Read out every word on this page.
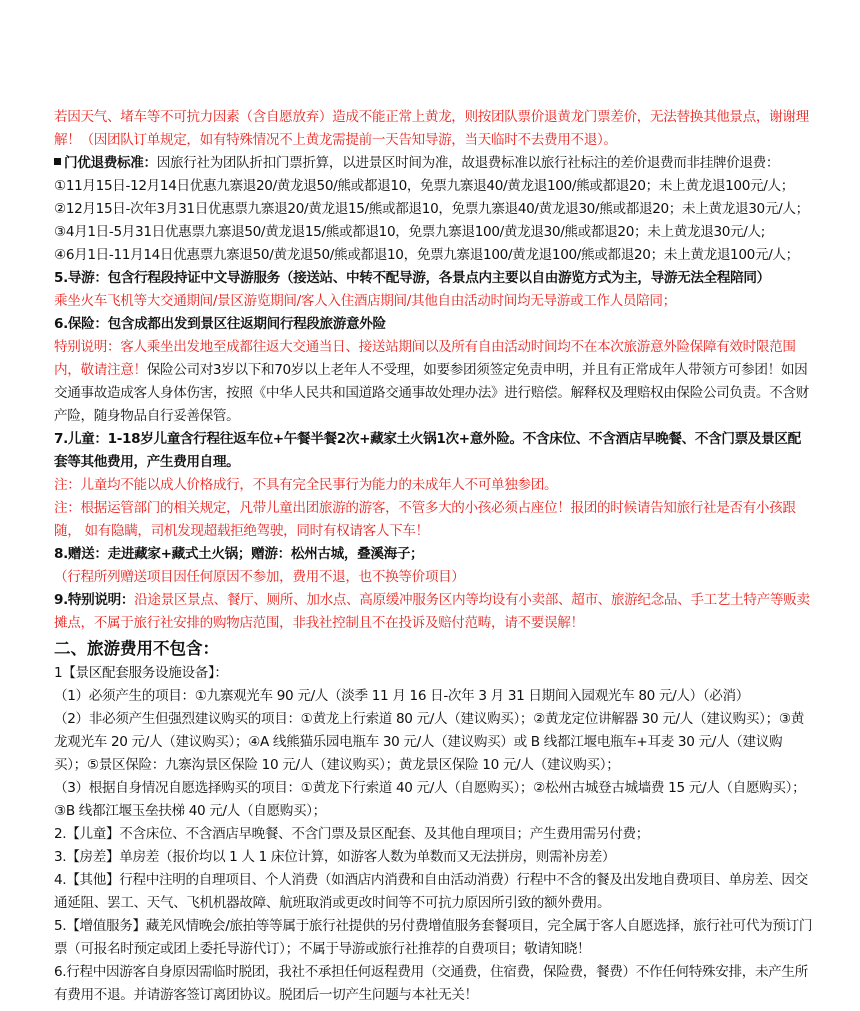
若因天气、堵车等不可抗力因素（含自愿放弃）造成不能正常上黄龙，则按团队票价退黄龙门票差价，无法替换其他景点，谢谢理解！（因团队订单规定，如有特殊情况不上黄龙需提前一天告知导游，当天临时不去费用不退）。

门优退费标准：因旅行社为团队折扣门票折算，以进景区时间为准，故退费标准以旅行社标注的差价退费而非挂牌价退费：

①11月15日-12月14日优惠九寨退20/黄龙退50/熊或都退10，免票九寨退40/黄龙退100/熊或都退20；未上黄龙退100元/人；

②12月15日-次年3月31日优惠票九寨退20/黄龙退15/熊或都退10，免票九寨退40/黄龙退30/熊或都退20；未上黄龙退30元/人；

③4月1日-5月31日优惠票九寨退50/黄龙退15/熊或都退10，免票九寨退100/黄龙退30/熊或都退20；未上黄龙退30元/人;

④6月1日-11月14日优惠票九寨退50/黄龙退50/熊或都退10，免票九寨退100/黄龙退100/熊或都退20；未上黄龙退100元/人；

5.导游：包含行程段持证中文导游服务（接送站、中转不配导游，各景点内主要以自由游览方式为主，导游无法全程陪同）

乘坐火车飞机等大交通期间/景区游览期间/客人入住酒店期间/其他自由活动时间均无导游或工作人员陪同；

6.保险：包含成都出发到景区往返期间行程段旅游意外险

特别说明：客人乘坐出发地至成都往返大交通当日、接送站期间以及所有自由活动时间均不在本次旅游意外险保障有效时限范围内，敬请注意！保险公司对3岁以下和70岁以上老年人不受理，如要参团须签定免责申明，并且有正常成年人带领方可参团！如因交通事故造成客人身体伤害，按照《中华人民共和国道路交通事故处理办法》进行赔偿。解释权及理赔权由保险公司负责。不含财产险，随身物品自行妥善保管。

7.儿童：1-18岁儿童含行程往返车位+午餐半餐2次+藏家土火锅1次+意外险。不含床位、不含酒店早晚餐、不含门票及景区配套等其他费用，产生费用自理。

注：儿童均不能以成人价格成行，不具有完全民事行为能力的未成年人不可单独参团。

注：根据运管部门的相关规定，凡带儿童出团旅游的游客，不管多大的小孩必须占座位！报团的时候请告知旅行社是否有小孩跟随， 如有隐瞒，司机发现超载拒绝驾驶，同时有权请客人下车！

8.赠送：走进藏家+藏式土火锅；赠游：松州古城，叠溪海子；

（行程所列赠送项目因任何原因不参加，费用不退，也不换等价项目）

9.特别说明：沿途景区景点、餐厅、厕所、加水点、高原缓冲服务区内等均设有小卖部、超市、旅游纪念品、手工艺土特产等贩卖摊点，不属于旅行社安排的购物店范围，非我社控制且不在投诉及赔付范畴，请不要误解！

二、旅游费用不包含：

1【景区配套服务设施设备】：

（1）必须产生的项目：①九寨观光车 90 元/人（淡季 11 月 16 日-次年 3 月 31 日期间入园观光车 80 元/人）（必消）

（2）非必须产生但强烈建议购买的项目：①黄龙上行索道 80 元/人（建议购买）；②黄龙定位讲解器 30 元/人（建议购买）；③黄龙观光车 20 元/人（建议购买）；④A 线熊猫乐园电瓶车 30 元/人（建议购买）或 B 线都江堰电瓶车+耳麦 30 元/人（建议购买）；⑤景区保险：九寨沟景区保险 10 元/人（建议购买）；黄龙景区保险 10 元/人（建议购买）；

（3）根据自身情况自愿选择购买的项目：①黄龙下行索道 40 元/人（自愿购买）；②松州古城登古城墙费 15 元/人（自愿购买）；③B 线都江堰玉垒扶梯 40 元/人（自愿购买）；

2.【儿童】不含床位、不含酒店早晚餐、不含门票及景区配套、及其他自理项目；产生费用需另付费；

3.【房差】单房差（报价均以 1 人 1 床位计算，如游客人数为单数而又无法拼房，则需补房差）

4.【其他】行程中注明的自理项目、个人消费（如酒店内消费和自由活动消费）行程中不含的餐及出发地自费项目、单房差、因交通延阻、罢工、天气、飞机机器故障、航班取消或更改时间等不可抗力原因所引致的额外费用。

5.【增值服务】藏羌风情晚会/旅拍等等属于旅行社提供的另付费增值服务套餐项目，完全属于客人自愿选择，旅行社可代为预订门票（可报名时预定或团上委托导游代订）；不属于导游或旅行社推荐的自费项目；敬请知晓！

6.行程中因游客自身原因需临时脱团，我社不承担任何返程费用（交通费，住宿费，保险费，餐费）不作任何特殊安排，未产生所有费用不退。并请游客签订离团协议。脱团后一切产生问题与本社无关！
